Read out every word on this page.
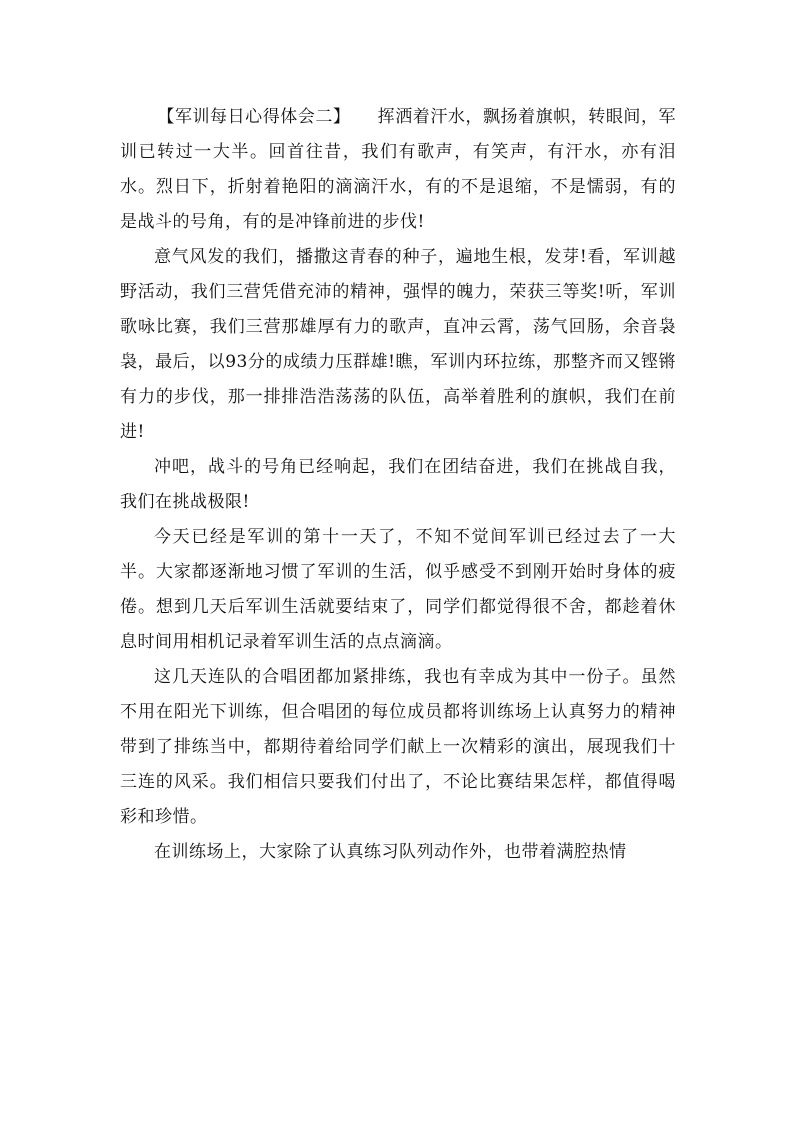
【军训每日心得体会二】 挥洒着汗水，飘扬着旗帜，转眼间，军训已转过一大半。回首往昔，我们有歌声，有笑声，有汗水，亦有泪水。烈日下，折射着艳阳的滴滴汗水，有的不是退缩，不是懦弱，有的是战斗的号角，有的是冲锋前进的步伐!

意气风发的我们，播撒这青春的种子，遍地生根，发芽!看，军训越野活动，我们三营凭借充沛的精神，强悍的魄力，荣获三等奖!听，军训歌咏比赛，我们三营那雄厚有力的歌声，直冲云霄，荡气回肠，余音袅袅，最后，以93分的成绩力压群雄!瞧，军训内环拉练，那整齐而又铿锵有力的步伐，那一排排浩浩荡荡的队伍，高举着胜利的旗帜，我们在前进!

冲吧，战斗的号角已经响起，我们在团结奋进，我们在挑战自我，我们在挑战极限!

今天已经是军训的第十一天了，不知不觉间军训已经过去了一大半。大家都逐渐地习惯了军训的生活，似乎感受不到刚开始时身体的疲倦。想到几天后军训生活就要结束了，同学们都觉得很不舍，都趁着休息时间用相机记录着军训生活的点点滴滴。

这几天连队的合唱团都加紧排练，我也有幸成为其中一份子。虽然不用在阳光下训练，但合唱团的每位成员都将训练场上认真努力的精神带到了排练当中，都期待着给同学们献上一次精彩的演出，展现我们十三连的风采。我们相信只要我们付出了，不论比赛结果怎样，都值得喝彩和珍惜。

在训练场上，大家除了认真练习队列动作外，也带着满腔热情
